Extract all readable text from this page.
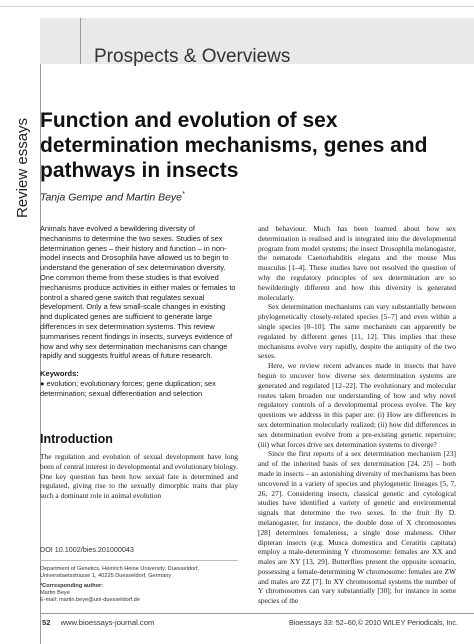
Prospects & Overviews
Review essays Function and evolution of sex determination mechanisms, genes and pathways in insects
Tanja Gempe and Martin Beye*

Animals have evolved a bewildering diversity of mechanisms to determine the two sexes. Studies of sex determination genes – their history and function – in non-model insects and Drosophila have allowed us to begin to understand the generation of sex determination diversity. One common theme from these studies is that evolved mechanisms produce activities in either males or females to control a shared gene switch that regulates sexual development. Only a few small-scale changes in existing and duplicated genes are sufficient to generate large differences in sex determination systems. This review summarises recent findings in insects, surveys evidence of how and why sex determination mechanisms can change rapidly and suggests fruitful areas of future research.

Keywords:

● evolution; evolutionary forces; gene duplication; sex determination; sexual differentiation and selection

Introduction
The regulation and evolution of sexual development have long been of central interest in developmental and evolutionary biology. One key question has been how sexual fate is determined and regulated, giving rise to the sexually dimorphic traits that play such a dominant role in animal evolution
DOI 10.1002/bies.201000043

Department of Genetics, Heinrich Heine University, Duesseldorf, Universitaetsstrasse 1, 40225 Duesseldorf, Germany

*Corresponding author:
Martin Beye
E-mail: martin.beye@uni-duesseldorf.de

and behaviour. Much has been learned about how sex determination is realised and is integrated into the developmental program from model systems; the insect Drosophila melanogaster, the nematode Caenorhabditis elegans and the mouse Mus musculus [1–4]. These studies have not resolved the question of why the regulatory principles of sex determination are so bewilderingly different and how this diversity is generated molecularly.

Sex determination mechanisms can vary substantially between phylogenetically closely-related species [5–7] and even within a single species [8–10]. The same mechanism can apparently be regulated by different genes [11, 12]. This implies that these mechanisms evolve very rapidly, despite the antiquity of the two sexes.

Here, we review recent advances made in insects that have begun to uncover how diverse sex determination systems are generated and regulated [12–22]. The evolutionary and molecular routes taken broaden our understanding of how and why novel regulatory controls of a developmental process evolve. The key questions we address in this paper are: (i) How are differences in sex determination molecularly realized; (ii) how did differences in sex determination evolve from a pre-existing genetic repertoire; (iii) what forces drive sex determination systems to diverge?

Since the first reports of a sex determination mechanism [23] and of the inherited basis of sex determination [24, 25] – both made in insects – an astonishing diversity of mechanisms has been uncovered in a variety of species and phylogenetic lineages [5, 7, 26, 27]. Considering insects, classical genetic and cytological studies have identified a variety of genetic and environmental signals that determine the two sexes. In the fruit fly D. melanogaster, for instance, the double dose of X chromosomes [28] determines femaleness, a single dose maleness. Other dipteran insects (e.g. Musca domestica and Ceratitis capitata) employ a male-determining Y chromosome: females are XX and males are XY [13, 29]. Butterflies present the opposite scenario, possessing a female-determining W chromosome: females are ZW and males are ZZ [7]. In XY chromosomal systems the number of Y chromosomes can vary substantially [30]; for instance in some species of the

52 www.bioessays-journal.com	Bioessays 33: 52–60,© 2010 WILEY Periodicals, Inc.
